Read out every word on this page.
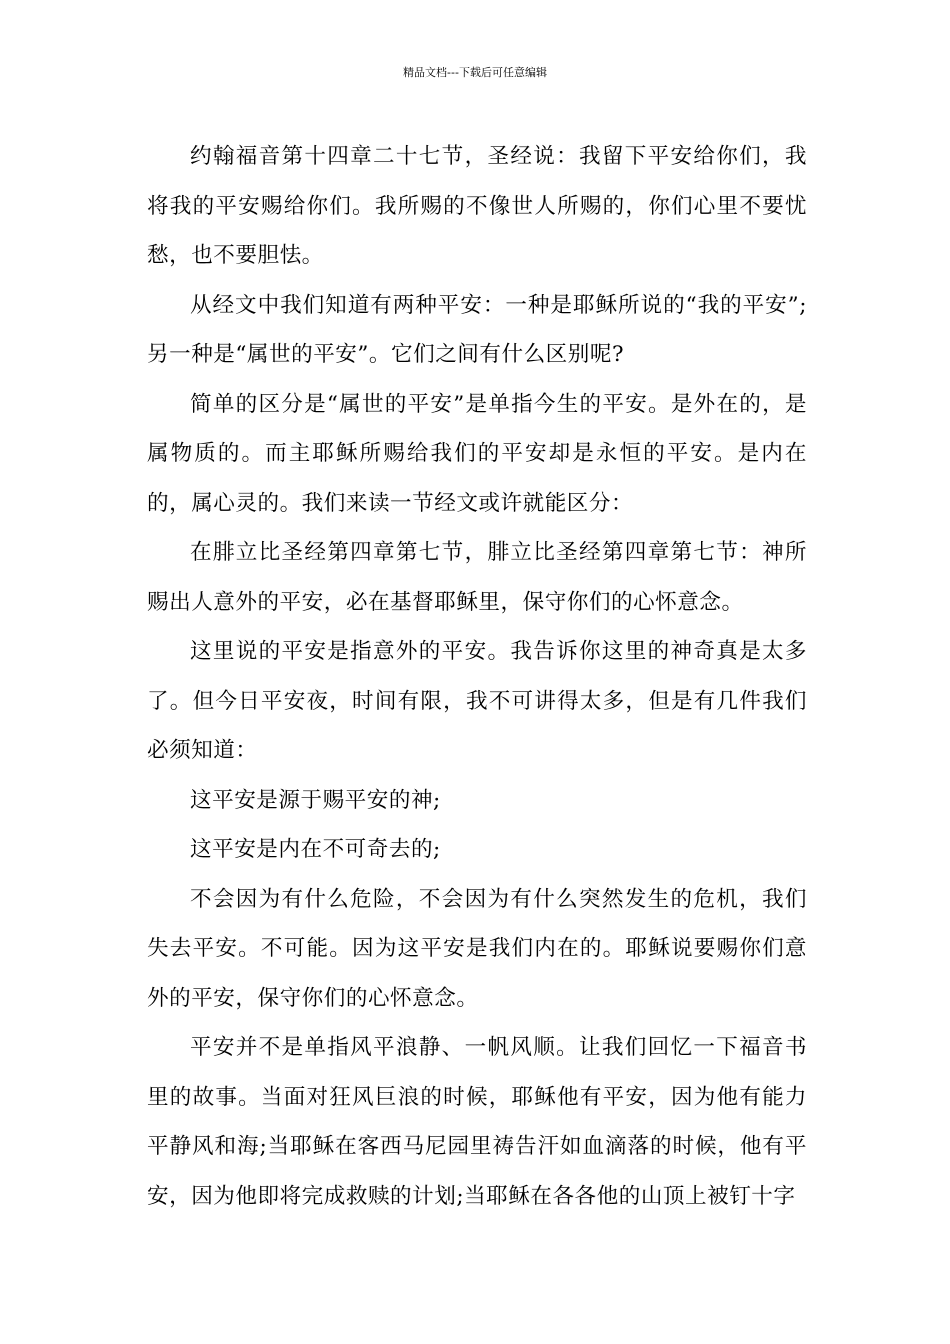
精品文档---下载后可任意编辑

约翰福音第十四章二十七节，圣经说：我留下平安给你们，我将我的平安赐给你们。我所赐的不像世人所赐的，你们心里不要忧愁，也不要胆怯。

从经文中我们知道有两种平安：一种是耶稣所说的“我的平安”;另一种是“属世的平安”。它们之间有什么区别呢?

简单的区分是“属世的平安”是单指今生的平安。是外在的，是属物质的。而主耶稣所赐给我们的平安却是永恒的平安。是内在的，属心灵的。我们来读一节经文或许就能区分：

在腓立比圣经第四章第七节，腓立比圣经第四章第七节：神所赐出人意外的平安，必在基督耶稣里，保守你们的心怀意念。

这里说的平安是指意外的平安。我告诉你这里的神奇真是太多了。但今日平安夜，时间有限，我不可讲得太多，但是有几件我们必须知道：

这平安是源于赐平安的神;

这平安是内在不可奇去的;

不会因为有什么危险，不会因为有什么突然发生的危机，我们失去平安。不可能。因为这平安是我们内在的。耶稣说要赐你们意外的平安，保守你们的心怀意念。

平安并不是单指风平浪静、一帆风顺。让我们回忆一下福音书里的故事。当面对狂风巨浪的时候，耶稣他有平安，因为他有能力平静风和海;当耶稣在客西马尼园里祷告汗如血滴落的时候，他有平安，因为他即将完成救赎的计划;当耶稣在各各他的山顶上被钉十字
